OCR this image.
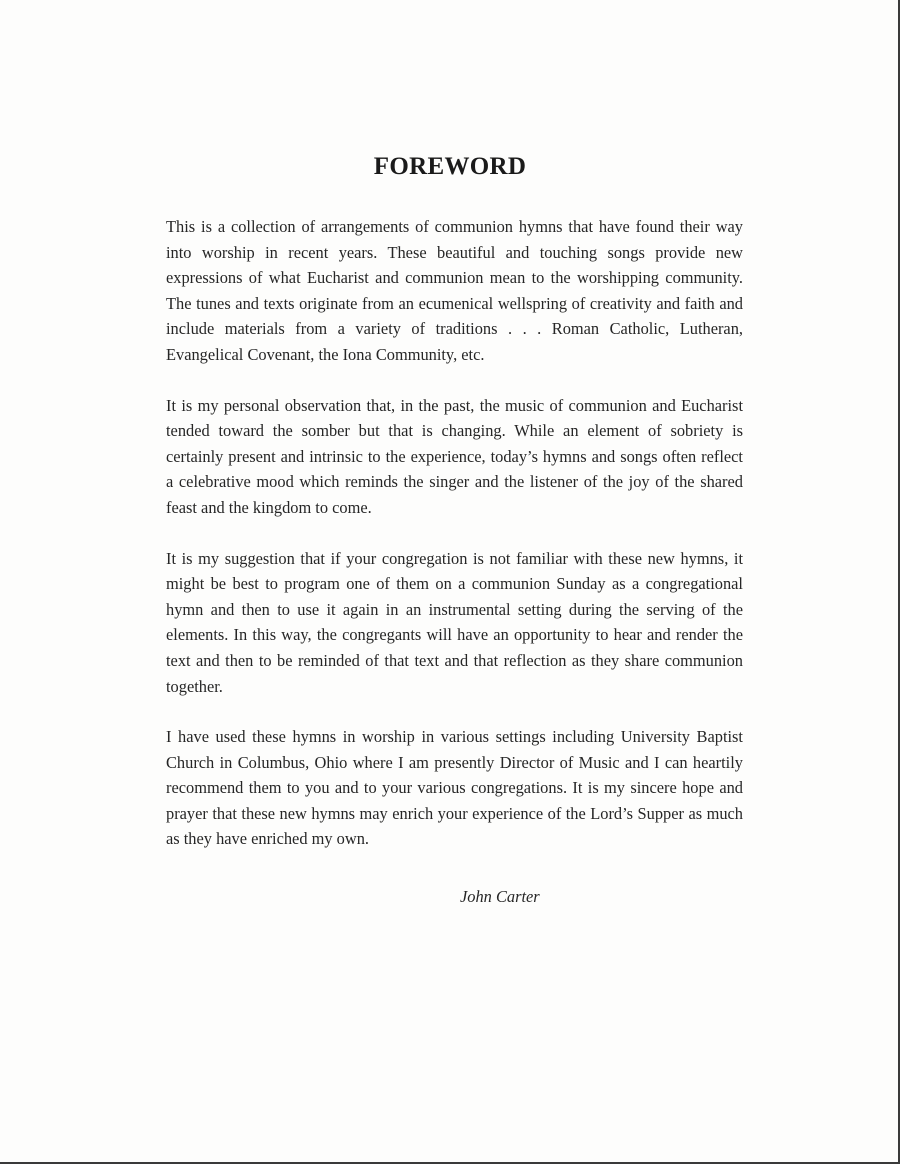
FOREWORD

This is a collection of arrangements of communion hymns that have found their way into worship in recent years. These beautiful and touching songs provide new expressions of what Eucharist and communion mean to the worshipping community. The tunes and texts originate from an ecumenical wellspring of creativity and faith and include materials from a variety of traditions . . . Roman Catholic, Lutheran, Evangelical Covenant, the Iona Community, etc.

It is my personal observation that, in the past, the music of communion and Eucharist tended toward the somber but that is changing. While an element of sobriety is certainly present and intrinsic to the experience, today’s hymns and songs often reflect a celebrative mood which reminds the singer and the listener of the joy of the shared feast and the kingdom to come.

It is my suggestion that if your congregation is not familiar with these new hymns, it might be best to program one of them on a communion Sunday as a congregational hymn and then to use it again in an instrumental setting during the serving of the elements. In this way, the congregants will have an opportunity to hear and render the text and then to be reminded of that text and that reflection as they share communion together.

I have used these hymns in worship in various settings including University Baptist Church in Columbus, Ohio where I am presently Director of Music and I can heartily recommend them to you and to your various congregations. It is my sincere hope and prayer that these new hymns may enrich your experience of the Lord’s Supper as much as they have enriched my own.

John Carter
